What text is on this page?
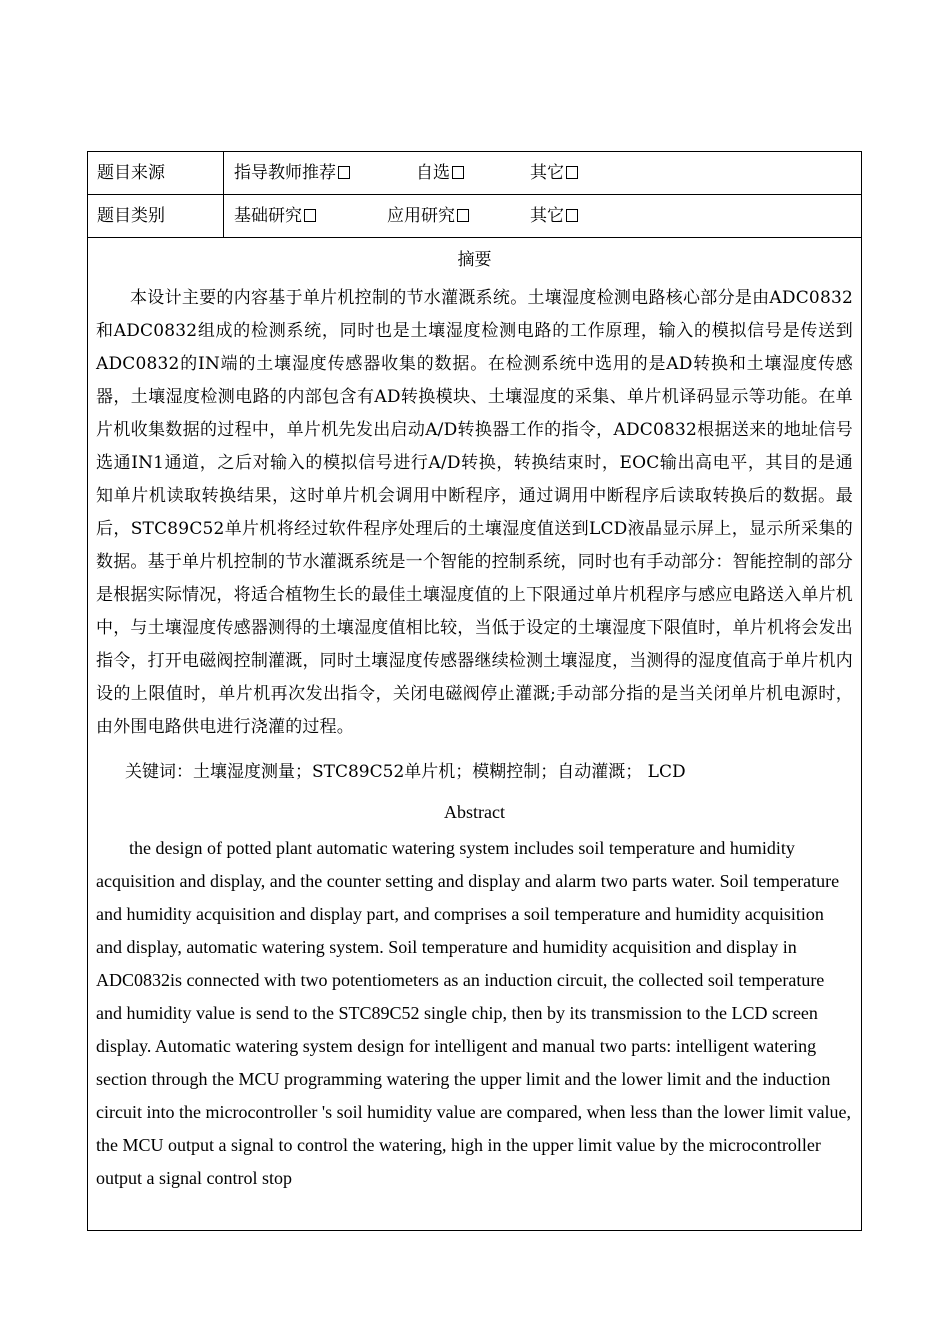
题目来源	指导教师推荐	自选	其它
题目类别	基础研究	应用研究	其它

摘要

本设计主要的内容基于单片机控制的节水灌溉系统。土壤湿度检测电路核心部分是由ADC0832和ADC0832组成的检测系统，同时也是土壤湿度检测电路的工作原理，输入的模拟信号是传送到ADC0832的IN端的土壤湿度传感器收集的数据。在检测系统中选用的是AD转换和土壤湿度传感器，土壤湿度检测电路的内部包含有AD转换模块、土壤湿度的采集、单片机译码显示等功能。在单片机收集数据的过程中，单片机先发出启动A/D转换器工作的指令，ADC0832根据送来的地址信号选通IN1通道，之后对输入的模拟信号进行A/D转换，转换结束时，EOC输出高电平，其目的是通知单片机读取转换结果，这时单片机会调用中断程序，通过调用中断程序后读取转换后的数据。最后，STC89C52单片机将经过软件程序处理后的土壤湿度值送到LCD液晶显示屏上，显示所采集的数据。基于单片机控制的节水灌溉系统是一个智能的控制系统，同时也有手动部分：智能控制的部分是根据实际情况，将适合植物生长的最佳土壤湿度值的上下限通过单片机程序与感应电路送入单片机中，与土壤湿度传感器测得的土壤湿度值相比较，当低于设定的土壤湿度下限值时，单片机将会发出指令，打开电磁阀控制灌溉，同时土壤湿度传感器继续检测土壤湿度，当测得的湿度值高于单片机内设的上限值时，单片机再次发出指令，关闭电磁阀停止灌溉;手动部分指的是当关闭单片机电源时，由外围电路供电进行浇灌的过程。

关键词：土壤湿度测量；STC89C52单片机；模糊控制；自动灌溉； LCD

Abstract

the design of potted plant automatic watering system includes soil temperature and humidity acquisition and display, and the counter setting and display and alarm two parts water. Soil temperature and humidity acquisition and display part, and comprises a soil temperature and humidity acquisition and display, automatic watering system. Soil temperature and humidity acquisition and display in ADC0832is connected with two potentiometers as an induction circuit, the collected soil temperature and humidity value is send to the STC89C52 single chip, then by its transmission to the LCD screen display. Automatic watering system design for intelligent and manual two parts: intelligent watering section through the MCU programming watering the upper limit and the lower limit and the induction circuit into the microcontroller 's soil humidity value are compared, when less than the lower limit value, the MCU output a signal to control the watering, high in the upper limit value by the microcontroller output a signal control stop
